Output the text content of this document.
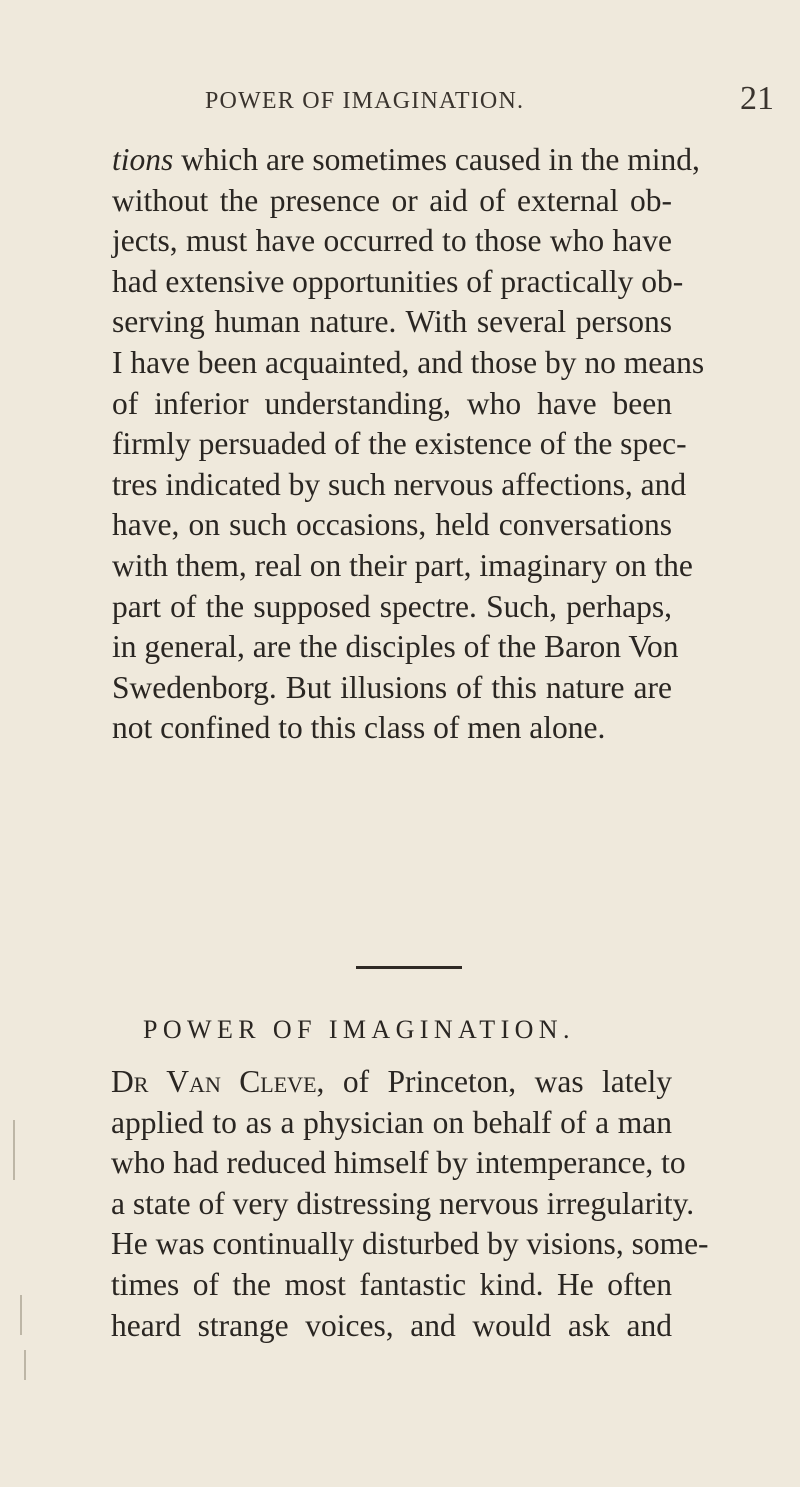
POWER OF IMAGINATION.	21
tions which are sometimes caused in the mind,
without the presence or aid of external ob-
jects, must have occurred to those who have
had extensive opportunities of practically ob-
serving human nature. With several persons
I have been acquainted, and those by no means
of inferior understanding, who have been
firmly persuaded of the existence of the spec-
tres indicated by such nervous affections, and
have, on such occasions, held conversations
with them, real on their part, imaginary on the
part of the supposed spectre. Such, perhaps,
in general, are the disciples of the Baron Von
Swedenborg. But illusions of this nature are
not confined to this class of men alone.
POWER OF IMAGINATION.
Dr Van Cleve, of Princeton, was lately
applied to as a physician on behalf of a man
who had reduced himself by intemperance, to
a state of very distressing nervous irregularity.
He was continually disturbed by visions, some-
times of the most fantastic kind. He often
heard strange voices, and would ask and
